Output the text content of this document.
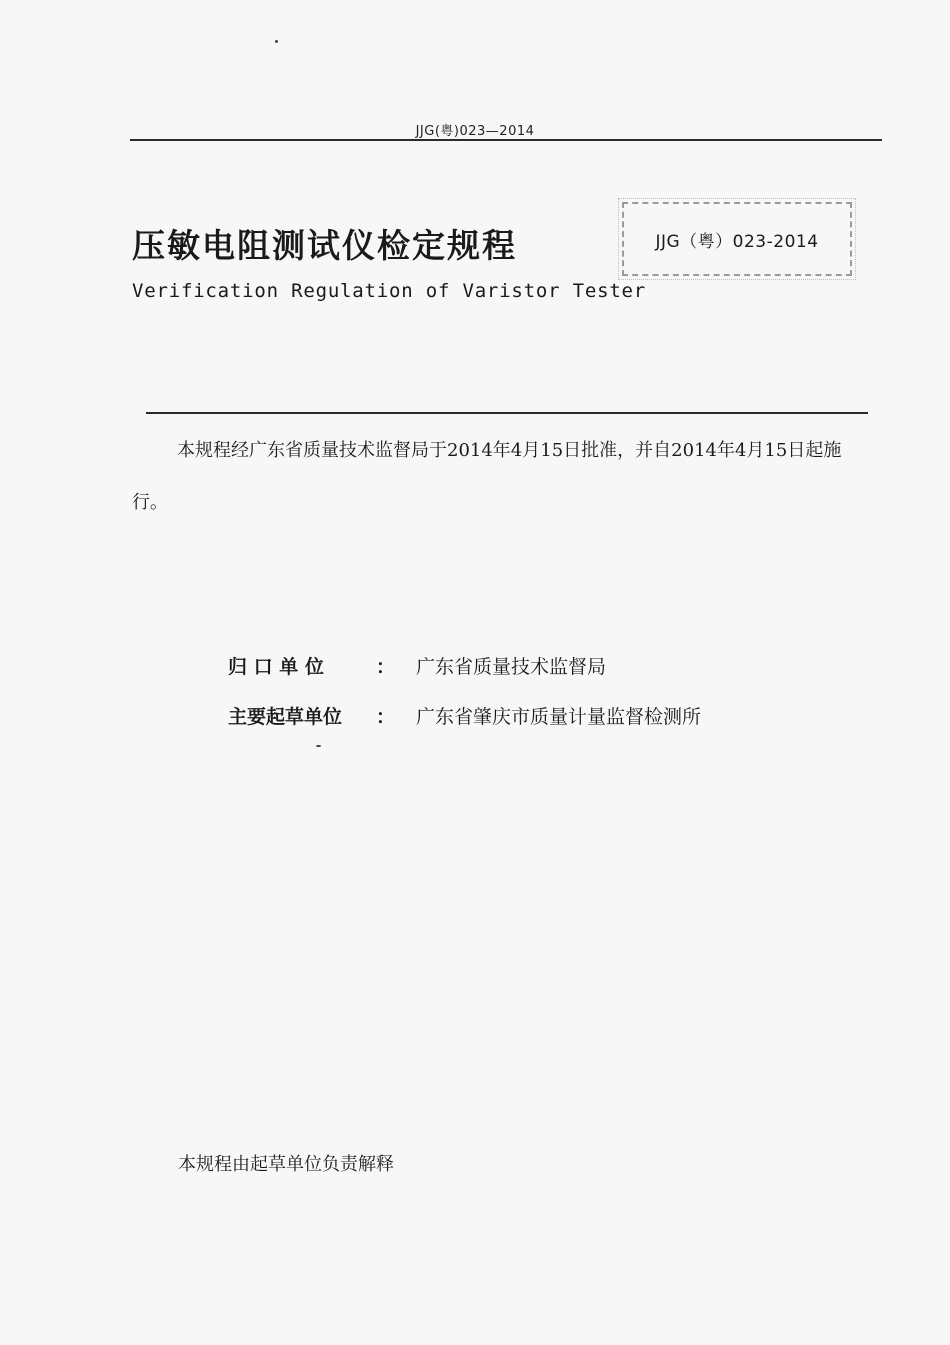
JJG(粤)023—2014
压敏电阻测试仪检定规程
Verification Regulation of Varistor Tester
JJG（粤）023-2014
本规程经广东省质量技术监督局于2014年4月15日批准，并自2014年4月15日起施行。
归 口 单 位	： 广东省质量技术监督局
主要起草单位 ： 广东省肇庆市质量计量监督检测所
本规程由起草单位负责解释
